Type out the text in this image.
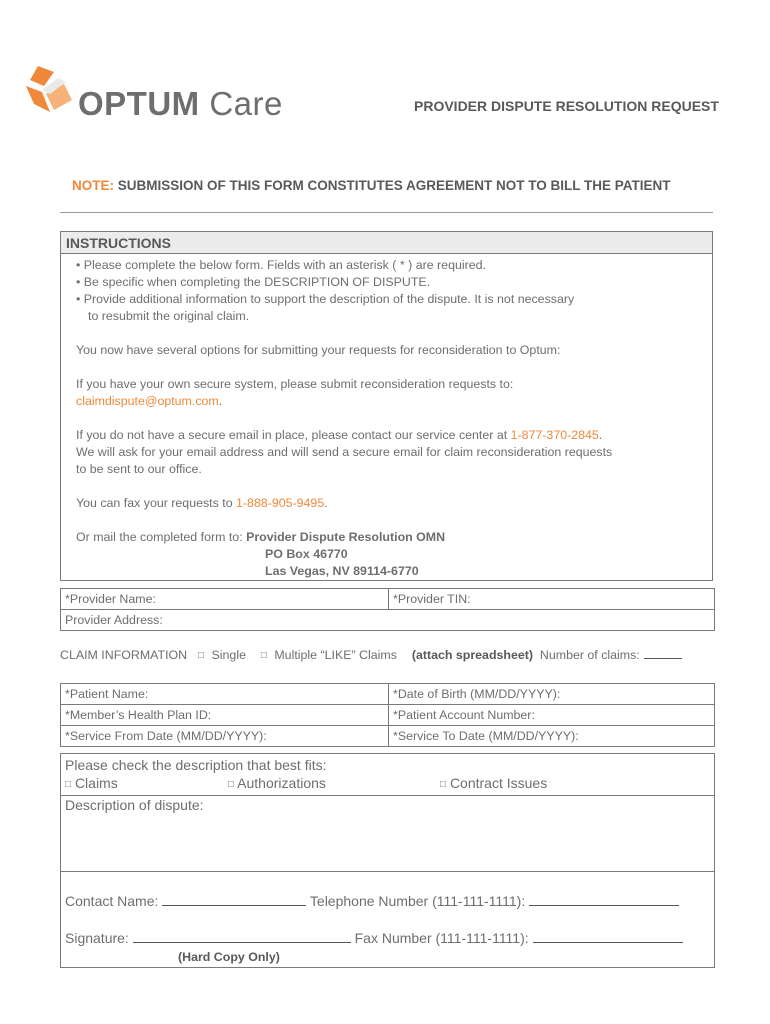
OPTUM Care	PROVIDER DISPUTE RESOLUTION REQUEST
NOTE: SUBMISSION OF THIS FORM CONSTITUTES AGREEMENT NOT TO BILL THE PATIENT
INSTRUCTIONS
• Please complete the below form. Fields with an asterisk ( * ) are required.
• Be specific when completing the DESCRIPTION OF DISPUTE.
• Provide additional information to support the description of the dispute. It is not necessary
to resubmit the original claim.
You now have several options for submitting your requests for reconsideration to Optum:
If you have your own secure system, please submit reconsideration requests to:
claimdispute@optum.com.
If you do not have a secure email in place, please contact our service center at 1-877-370-2845.
We will ask for your email address and will send a secure email for claim reconsideration requests
to be sent to our office.
You can fax your requests to 1-888-905-9495.
Or mail the completed form to: Provider Dispute Resolution OMN
PO Box 46770
Las Vegas, NV 89114-6770
*Provider Name:	*Provider TIN:
Provider Address:
CLAIM INFORMATION □ Single □ Multiple “LIKE” Claims (attach spreadsheet) Number of claims:
*Patient Name:	*Date of Birth (MM/DD/YYYY):
*Member’s Health Plan ID:	*Patient Account Number:
*Service From Date (MM/DD/YYYY):	*Service To Date (MM/DD/YYYY):
Please check the description that best fits:
□ Claims	□ Authorizations	□ Contract Issues
Description of dispute:
Contact Name:	Telephone Number (111-111-1111):
Signature:	Fax Number (111-111-1111):
(Hard Copy Only)
